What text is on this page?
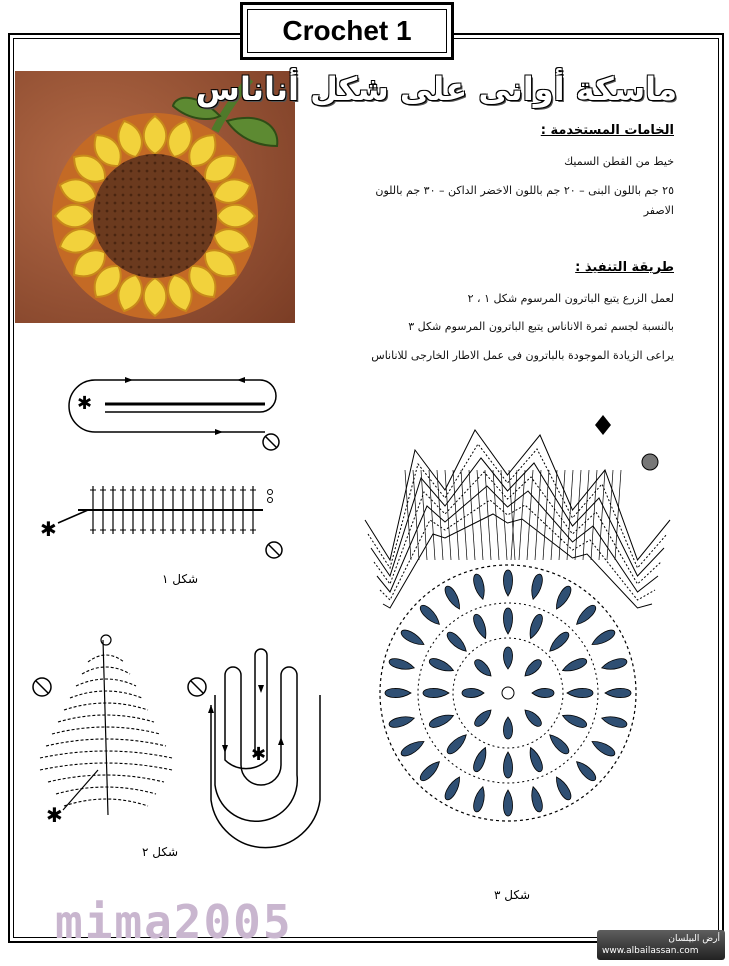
Crochet 1
ماسكة أوانى على شكل أناناس
الخامات المستخدمة :
خيط من القطن السميك
٢٥ جم باللون البنى – ٢٠ جم باللون الاخضر الداكن – ٣٠ جم باللون
الاصفر
طريقة التنفيذ :
لعمل الزرع يتبع الباترون المرسوم شكل ١ ، ٢
بالنسبة لجسم ثمرة الاناناس يتبع الباترون المرسوم شكل ٣
يراعى الزيادة الموجودة بالباترون فى عمل الاطار الخارجى للاناناس
✱
✱
شكل ١
✱
✱
شكل ٢
شكل ٣
mima2005	أرض البيلسان
www.albailassan.com
